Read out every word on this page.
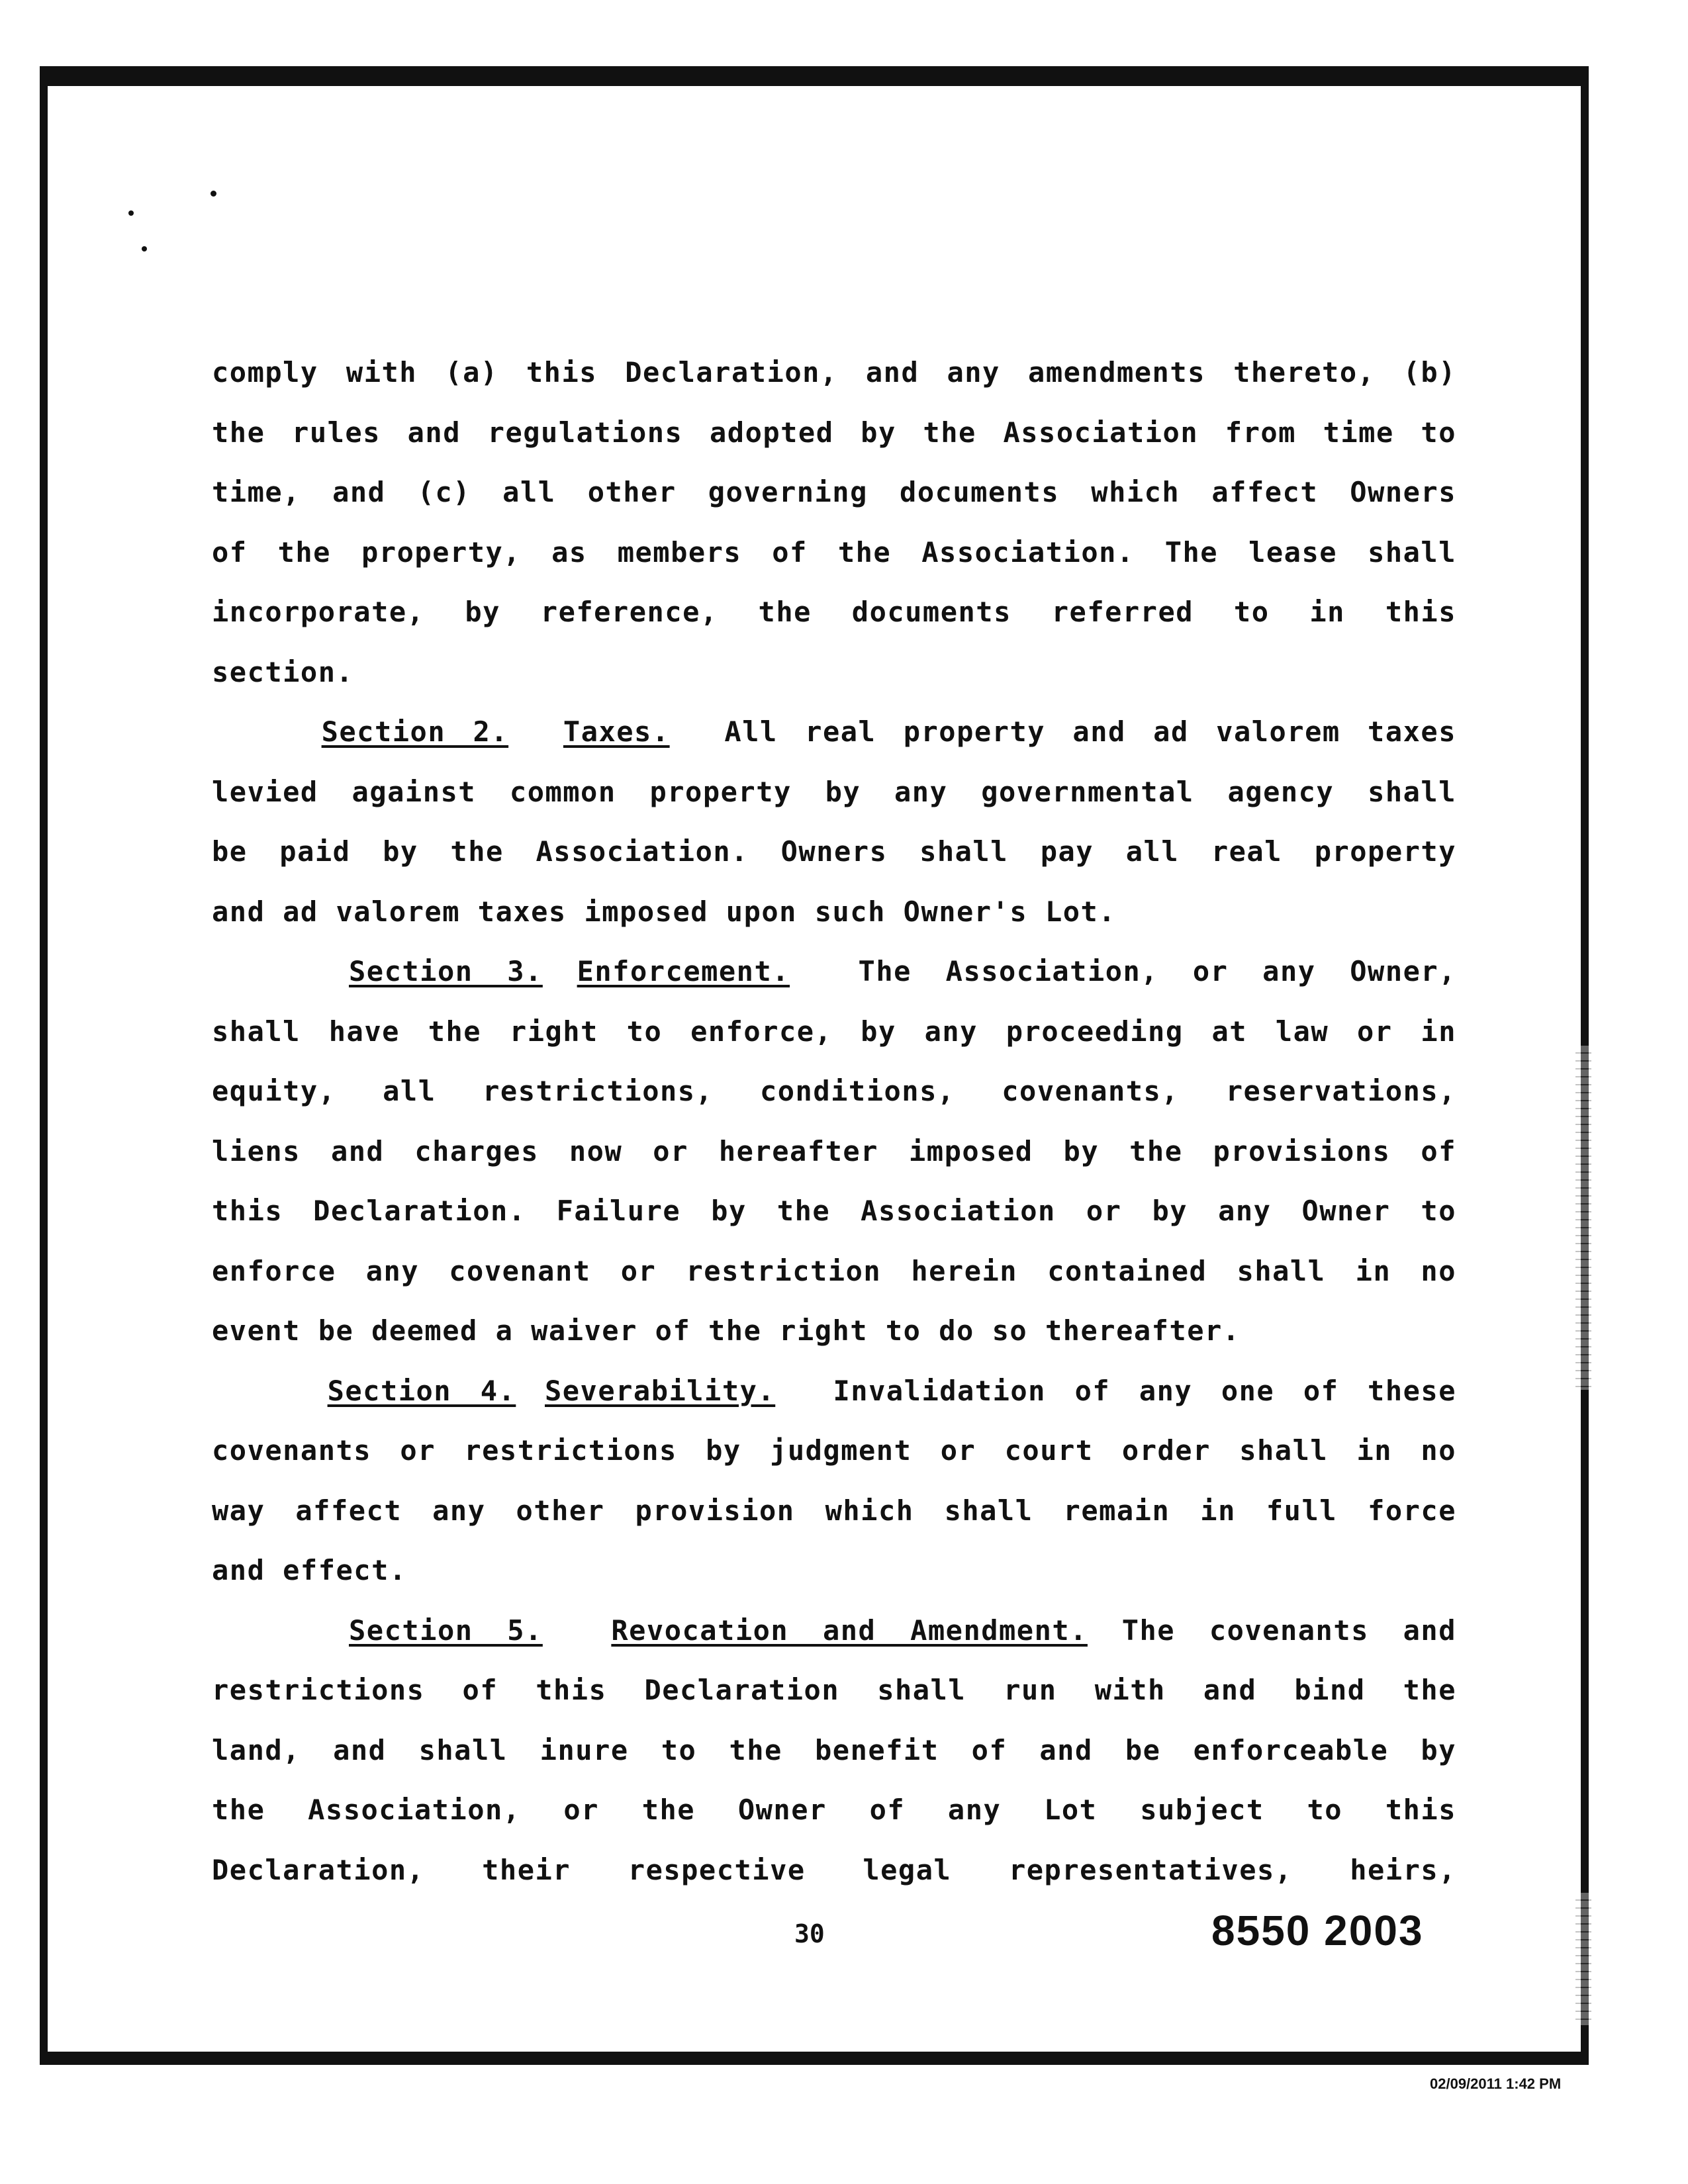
comply with (a) this Declaration, and any amendments thereto, (b)
the rules and regulations adopted by the Association from time to
time, and (c) all other governing documents which affect Owners
of the property, as members of the Association. The lease shall
incorporate, by reference, the documents referred to in this
section.
Section 2. Taxes.  All real property and ad valorem taxes
levied against common property by any governmental agency shall
be paid by the Association. Owners shall pay all real property
and ad valorem taxes imposed upon such Owner's Lot.
Section 3. Enforcement.  The Association, or any Owner,
shall have the right to enforce, by any proceeding at law or in
equity, all restrictions, conditions, covenants, reservations,
liens and charges now or hereafter imposed by the provisions of
this Declaration. Failure by the Association or by any Owner to
enforce any covenant or restriction herein contained shall in no
event be deemed a waiver of the right to do so thereafter.
Section 4. Severability.  Invalidation of any one of these
covenants or restrictions by judgment or court order shall in no
way affect any other provision which shall remain in full force
and effect.
Section 5. Revocation and Amendment. The covenants and
restrictions of this Declaration shall run with and bind the
land, and shall inure to the benefit of and be enforceable by
the Association, or the Owner of any Lot subject to this
Declaration, their respective legal representatives, heirs,
30	8550 2003
02/09/2011 1:42 PM
